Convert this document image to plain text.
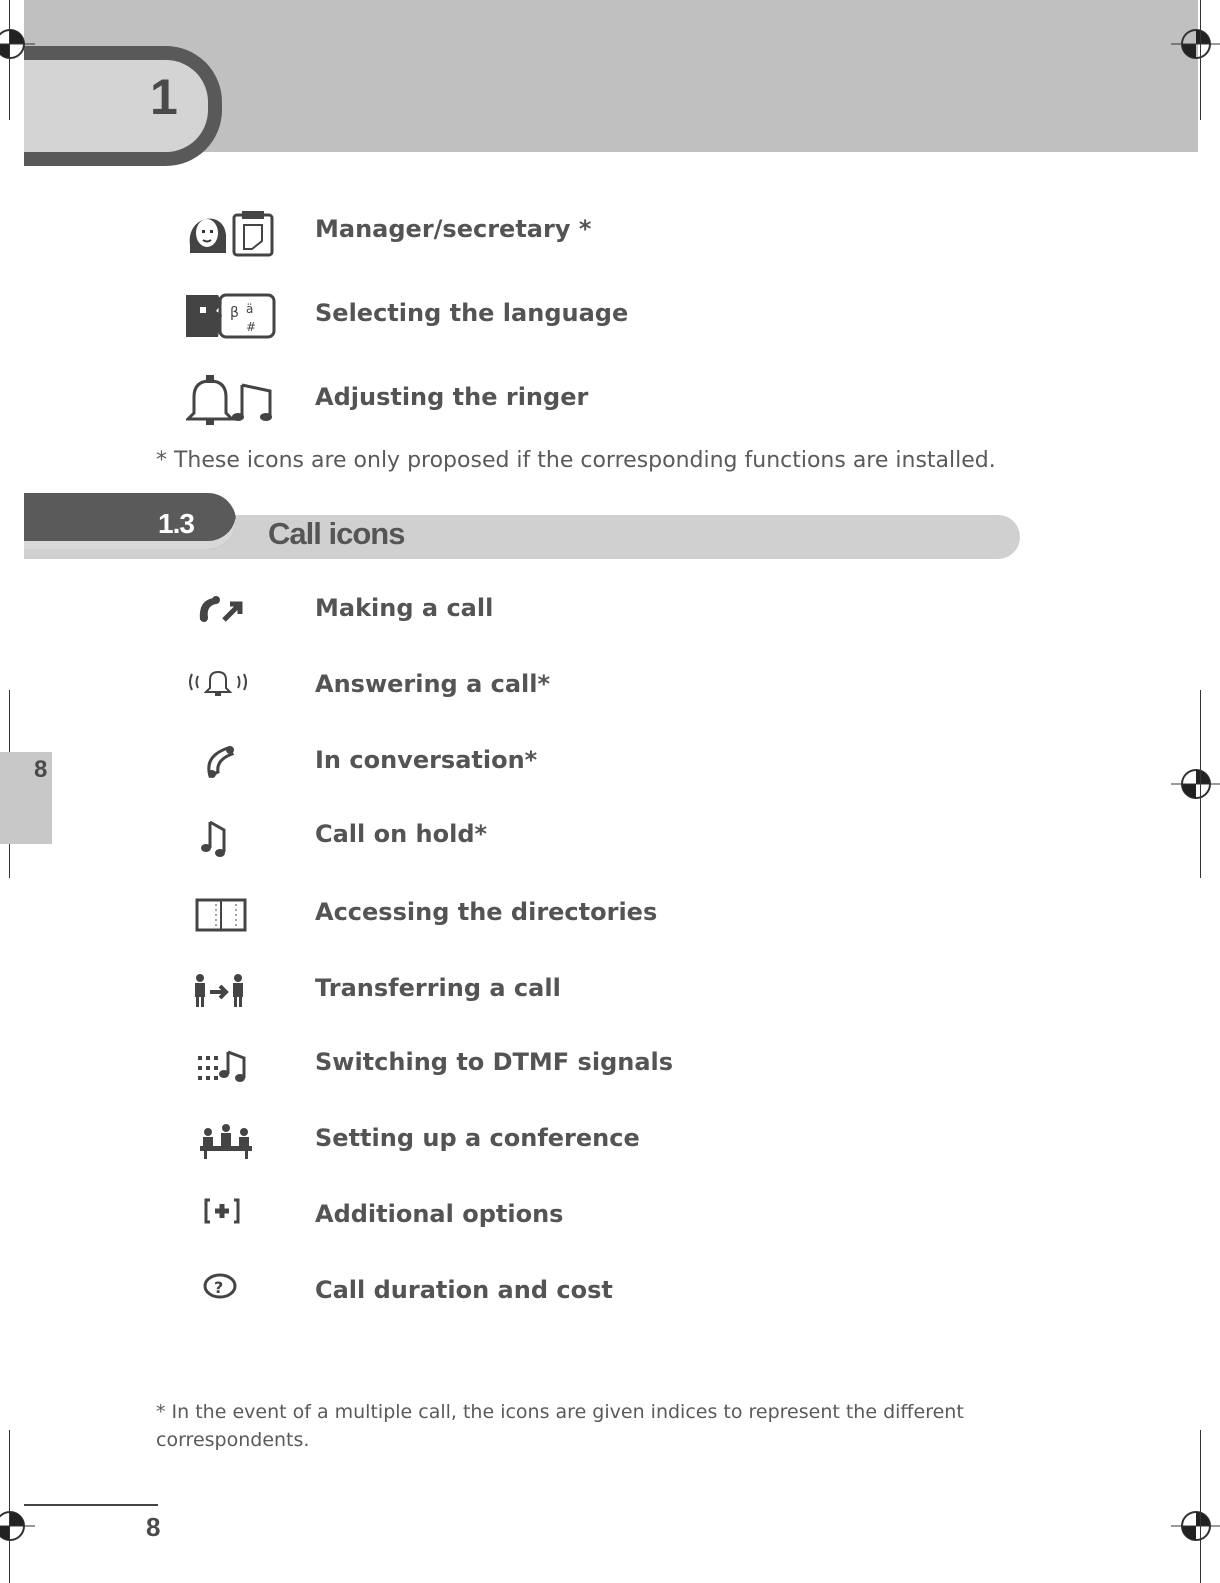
1
Manager/secretary *
β ä
# Selecting the language
Adjusting the ringer
* These icons are only proposed if the corresponding functions are installed.
1.3 Call icons
Making a call
Answering a call*
In conversation*
Call on hold*
Accessing the directories
Transferring a call
Switching to DTMF signals
Setting up a conference
Additional options
?	Call duration and cost
* In the event of a multiple call, the icons are given indices to represent the different correspondents.
8
8
